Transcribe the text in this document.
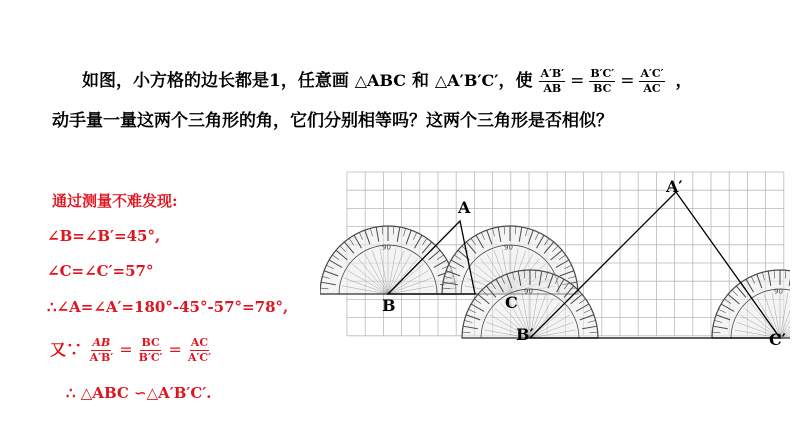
如图，小方格的边长都是1，任意画 △ABC 和 △A′B′C′，使 $\frac{A'B'}{AB} = \frac{B'C'}{BC} = \frac{A'C'}{AC}$ ，
动手量一量这两个三角形的角，它们分别相等吗？这两个三角形是否相似？
通过测量不难发现:
∠B=∠B′=45°,
∠C=∠C′=57°
∴∠A=∠A′=180°-45°-57°=78°,
又∵ $\frac{AB}{A'B'} = \frac{BC}{B'C'} = \frac{AC}{A'C'}$
∴ △ABC ∽△A′B′C′.
90	90
90	90
A
B	C
A′
B′	C′
